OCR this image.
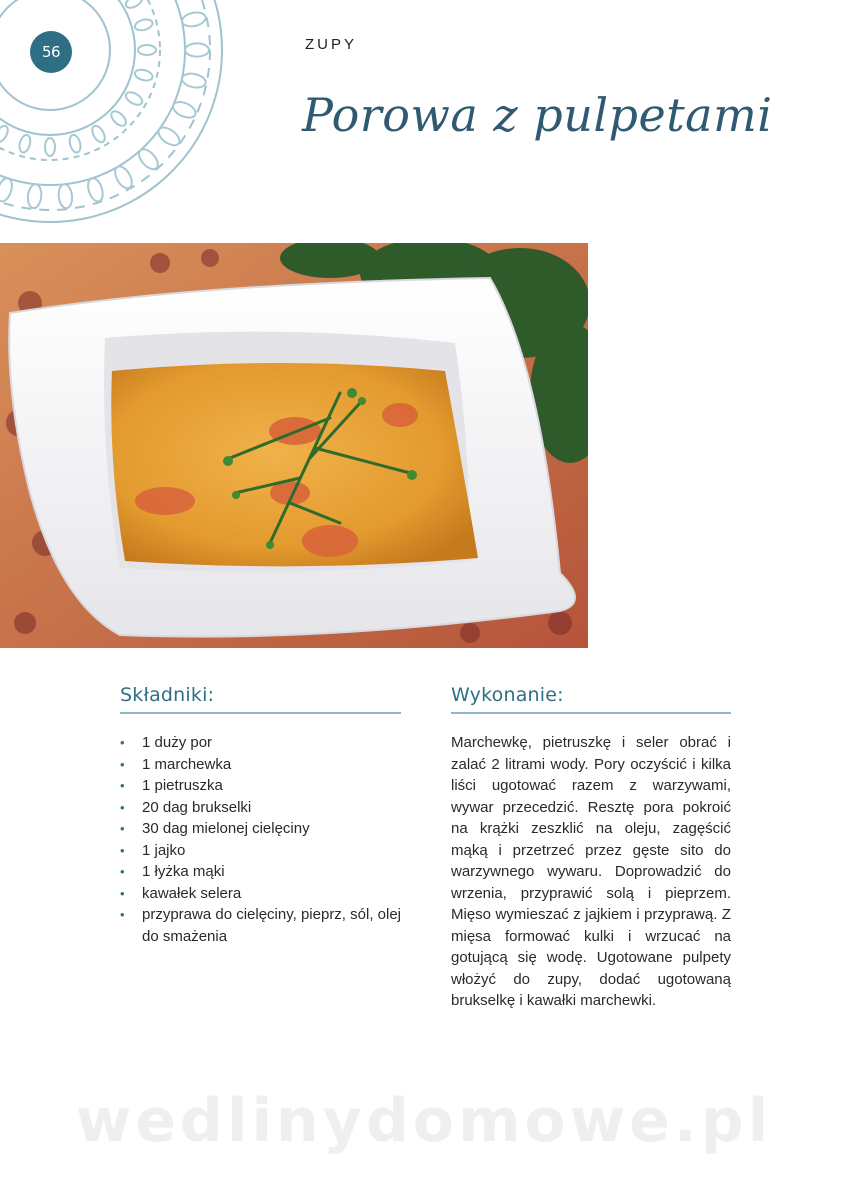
56	ZUPY
Porowa z pulpetami
Składniki:
• 1 duży por
• 1 marchewka
• 1 pietruszka
• 20 dag brukselki
• 30 dag mielonej cielęciny
• 1 jajko
• 1 łyżka mąki
• kawałek selera
• przyprawa do cielęciny, pieprz, sól, olej do smażenia
Wykonanie:

Marchewkę, pietruszkę i seler obrać i zalać 2 litrami wody. Pory oczyścić i kilka liści ugotować razem z warzywami, wywar przecedzić. Resztę pora pokroić na krążki zeszklić na oleju, zagęścić mąką i przetrzeć przez gęste sito do warzywnego wywaru. Doprowadzić do wrzenia, przyprawić solą i pieprzem. Mięso wymieszać z jajkiem i przyprawą. Z mięsa formować kulki i wrzucać na gotującą się wodę. Ugotowane pulpety włożyć do zupy, dodać ugotowaną brukselkę i kawałki marchewki.

wedlinydomowe.pl
